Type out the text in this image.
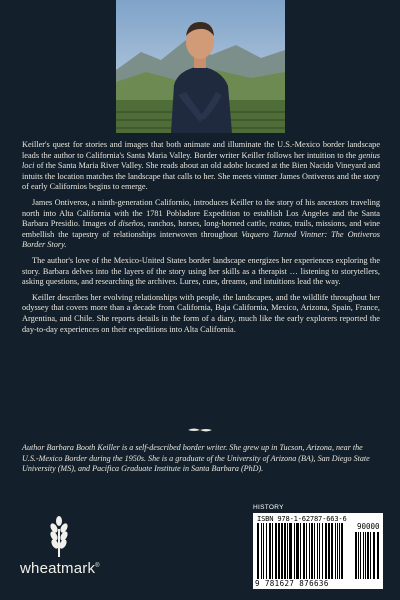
Keiller's quest for stories and images that both animate and illuminate the U.S.-Mexico border landscape leads the author to California's Santa Maria Valley. Border writer Keiller follows her intuition to the genius loci of the Santa Maria River Valley. She reads about an old adobe located at the Bien Nacido Vineyard and intuits the location matches the landscape that calls to her. She meets vintner James Ontiveros and the story of early Californios begins to emerge.

James Ontiveros, a ninth-generation Californio, introduces Keiller to the story of his ancestors traveling north into Alta California with the 1781 Pobladore Expedition to establish Los Angeles and the Santa Barbara Presidio. Images of diseños, ranchos, horses, long-horned cattle, reatas, trails, missions, and wine embellish the tapestry of relationships interwoven throughout Vaquero Turned Vintner: The Ontiveros Border Story.

The author's love of the Mexico-United States border landscape energizes her experiences exploring the story. Barbara delves into the layers of the story using her skills as a therapist … listening to storytellers, asking questions, and researching the archives. Lures, cues, dreams, and intuitions lead the way.

Keiller describes her evolving relationships with people, the landscapes, and the wildlife throughout her odyssey that covers more than a decade from California, Baja California, Mexico, Arizona, Spain, France, Argentina, and Chile. She reports details in the form of a diary, much like the early explorers reported the day-to-day experiences on their expeditions into Alta California.

Author Barbara Booth Keiller is a self-described border writer. She grew up in Tucson, Arizona, near the U.S.-Mexico Border during the 1950s. She is a graduate of the University of Arizona (BA), San Diego State University (MS), and Pacifica Graduate Institute in Santa Barbara (PhD).
wheatmark®
HISTORY
ISBN 978-1-62787-663-6
90000
9 781627 876636
